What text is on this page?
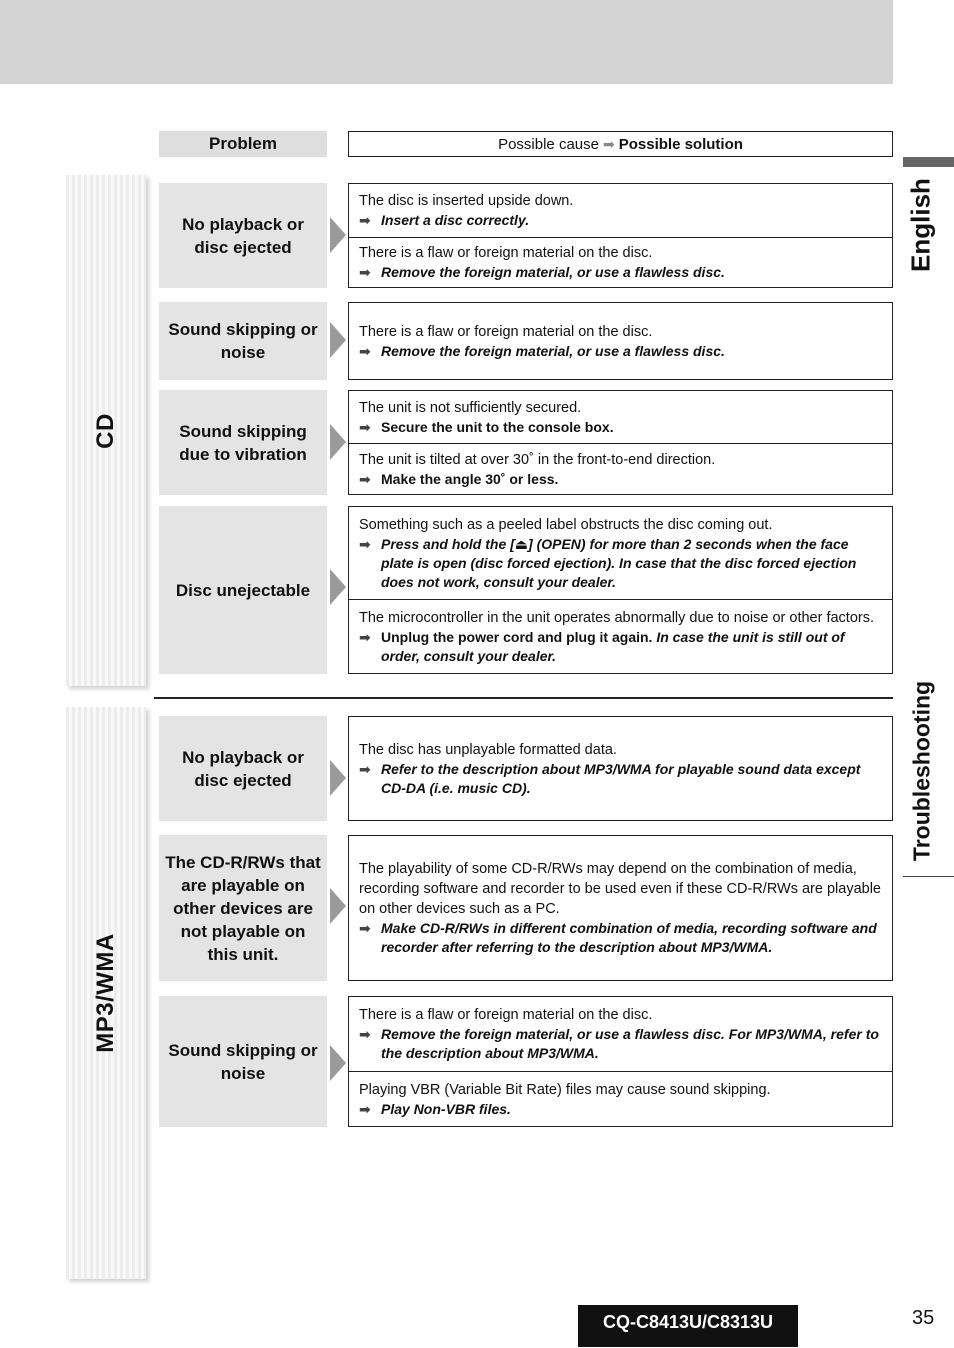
Problem	Possible cause ➡ Possible solution
CD
MP3/WMA
No playback or disc ejected
The disc is inserted upside down.
➡ Insert a disc correctly.
There is a flaw or foreign material on the disc.
➡ Remove the foreign material, or use a flawless disc.
Sound skipping or noise
There is a flaw or foreign material on the disc.
➡ Remove the foreign material, or use a flawless disc.
Sound skipping due to vibration
The unit is not sufficiently secured.
➡ Secure the unit to the console box.
The unit is tilted at over 30˚ in the front-to-end direction.
➡ Make the angle 30˚ or less.
Disc unejectable
Something such as a peeled label obstructs the disc coming out.
➡ Press and hold the [⏏] (OPEN) for more than 2 seconds when the face plate is open (disc forced ejection). In case that the disc forced ejection does not work, consult your dealer.
The microcontroller in the unit operates abnormally due to noise or other factors.
➡ Unplug the power cord and plug it again. In case the unit is still out of order, consult your dealer.
No playback or disc ejected
The disc has unplayable formatted data.
➡ Refer to the description about MP3/WMA for playable sound data except CD-DA (i.e. music CD).
The CD-R/RWs that are playable on other devices are not playable on this unit.
The playability of some CD-R/RWs may depend on the combination of media, recording software and recorder to be used even if these CD-R/RWs are playable on other devices such as a PC.
➡ Make CD-R/RWs in different combination of media, recording software and recorder after referring to the description about MP3/WMA.
Sound skipping or noise
There is a flaw or foreign material on the disc.
➡ Remove the foreign material, or use a flawless disc. For MP3/WMA, refer to the description about MP3/WMA.
Playing VBR (Variable Bit Rate) files may cause sound skipping.
➡ Play Non-VBR files.
English
Troubleshooting
CQ-C8413U/C8313U	35
